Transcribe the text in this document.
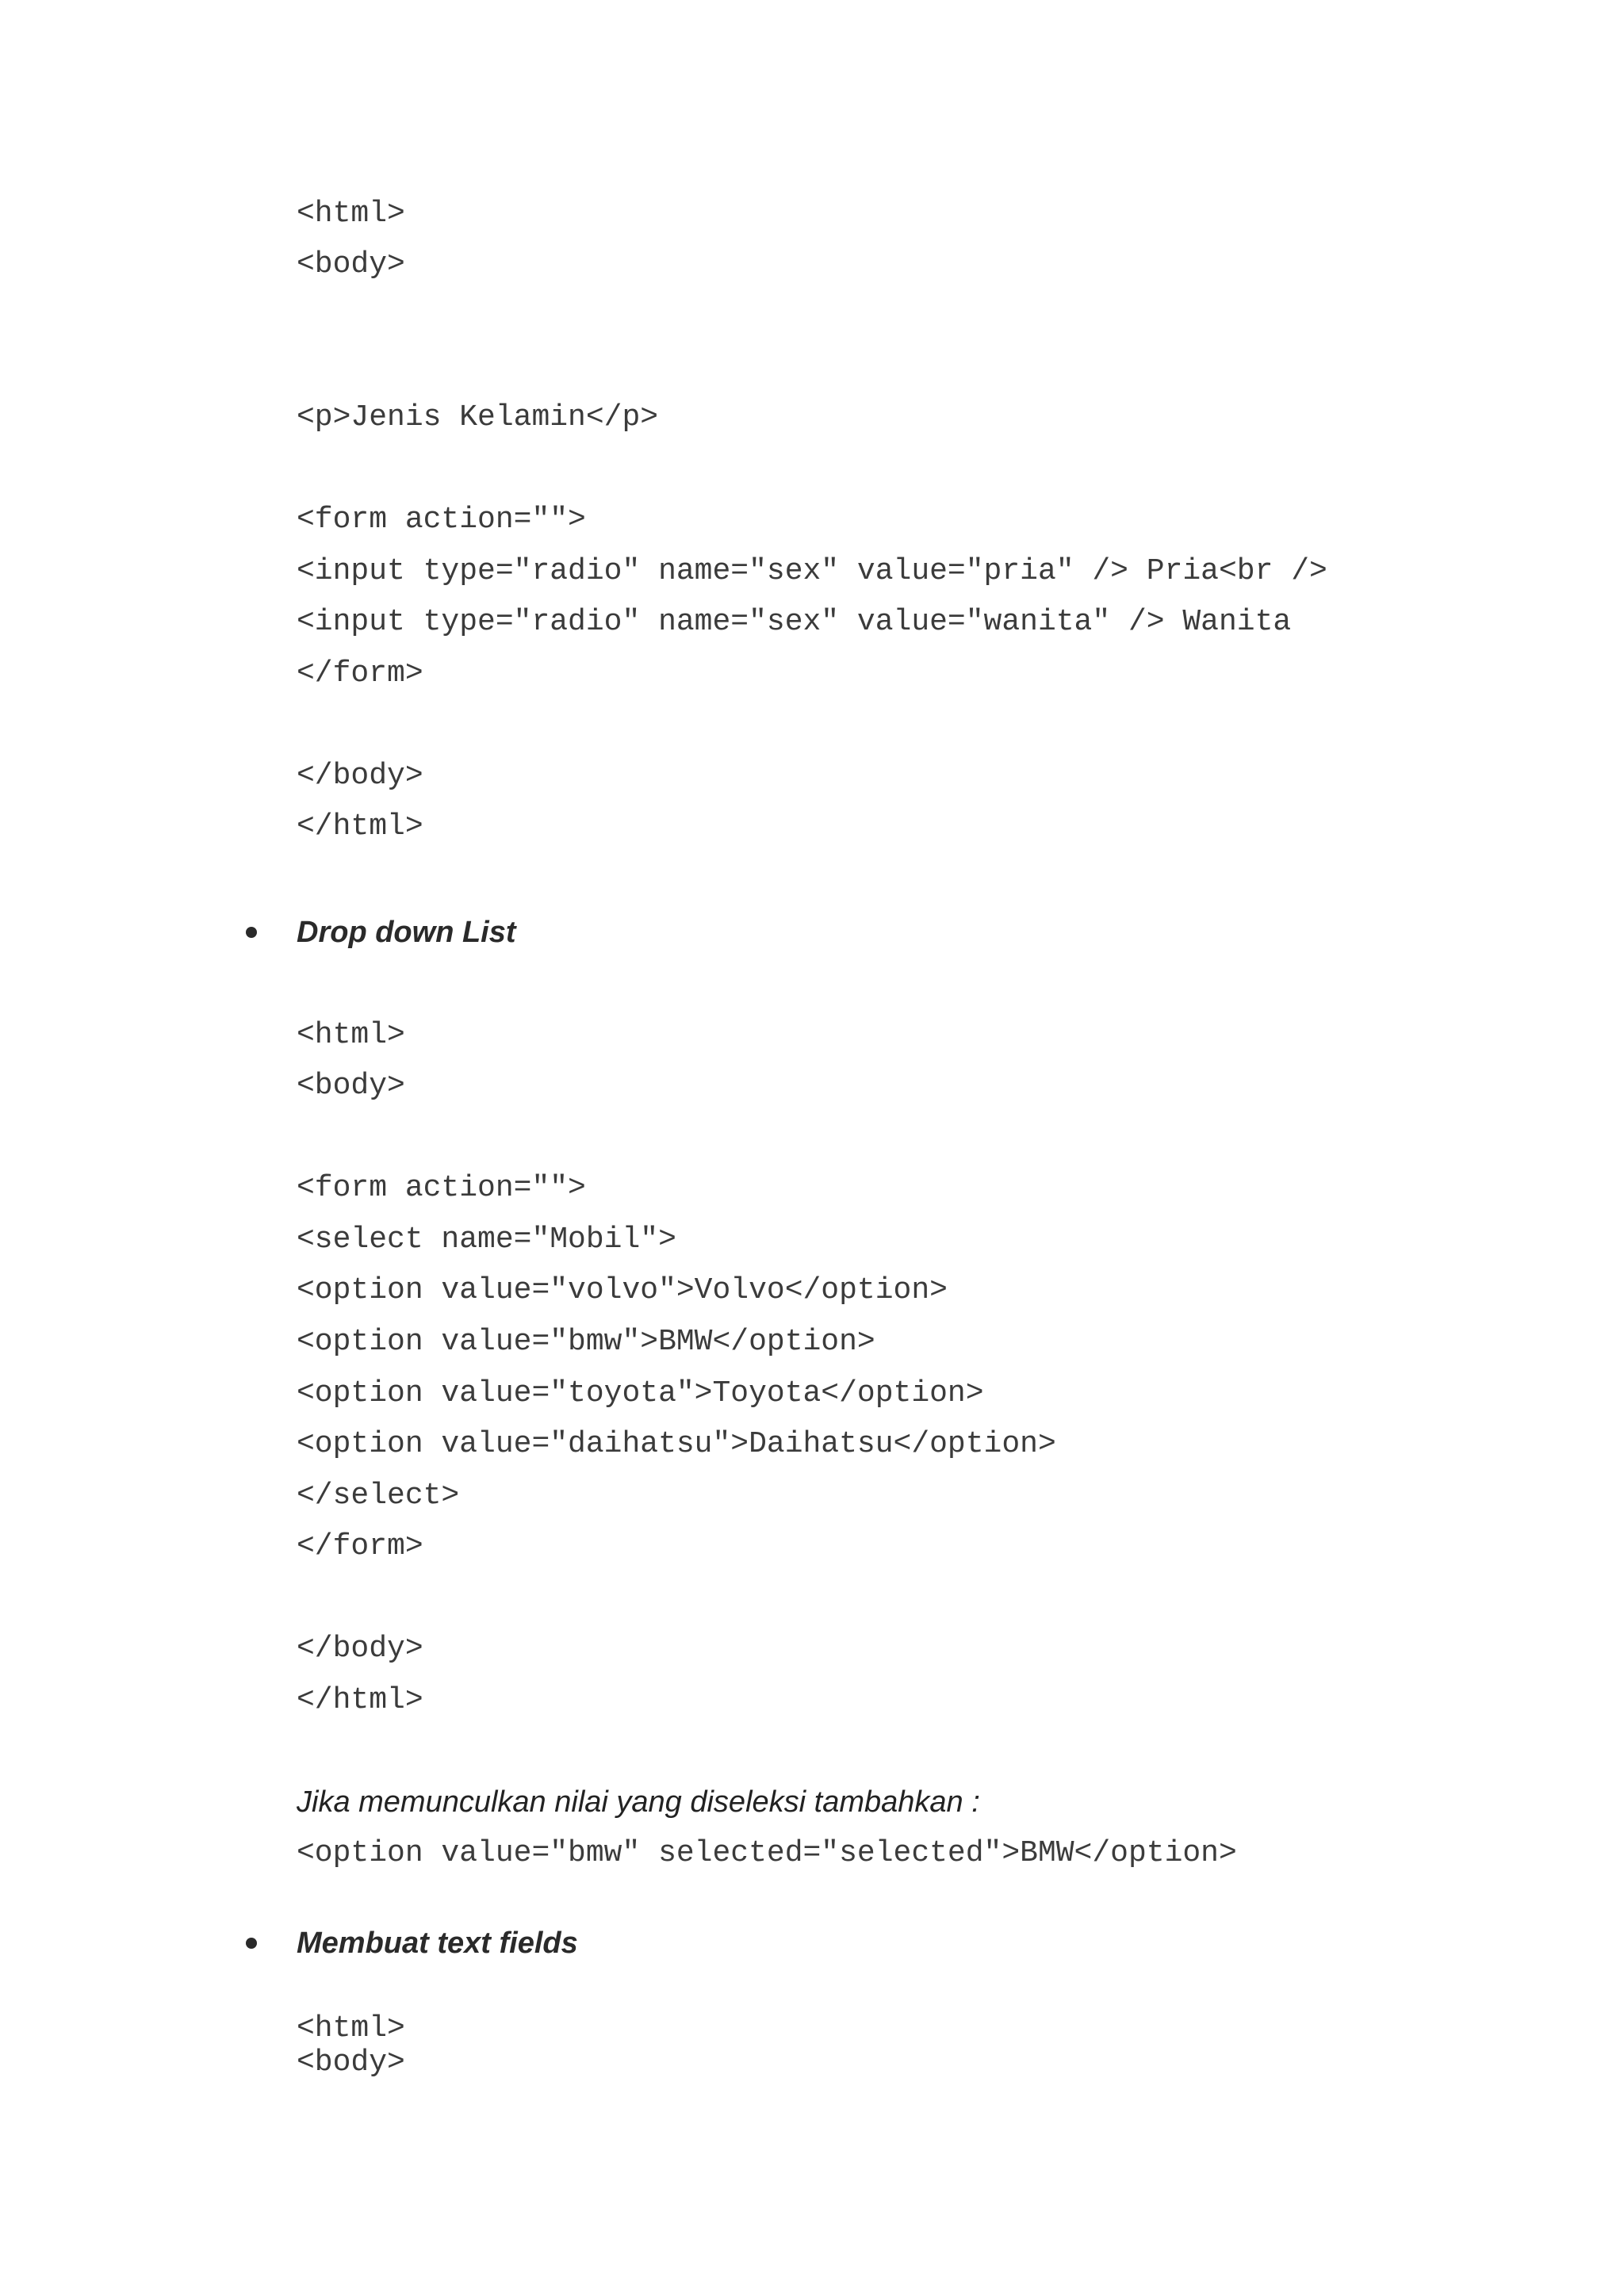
<html>
<body>
<p>Jenis Kelamin</p>
<form action="">
<input type="radio" name="sex" value="pria" /> Pria<br />
<input type="radio" name="sex" value="wanita" /> Wanita
</form>
</body>
</html>
Drop down List
<html>
<body>
<form action="">
<select name="Mobil">
<option value="volvo">Volvo</option>
<option value="bmw">BMW</option>
<option value="toyota">Toyota</option>
<option value="daihatsu">Daihatsu</option>
</select>
</form>
</body>
</html>
Jika memunculkan nilai yang diseleksi tambahkan :
<option value="bmw" selected="selected">BMW</option>
Membuat text fields
<html>
<body>
